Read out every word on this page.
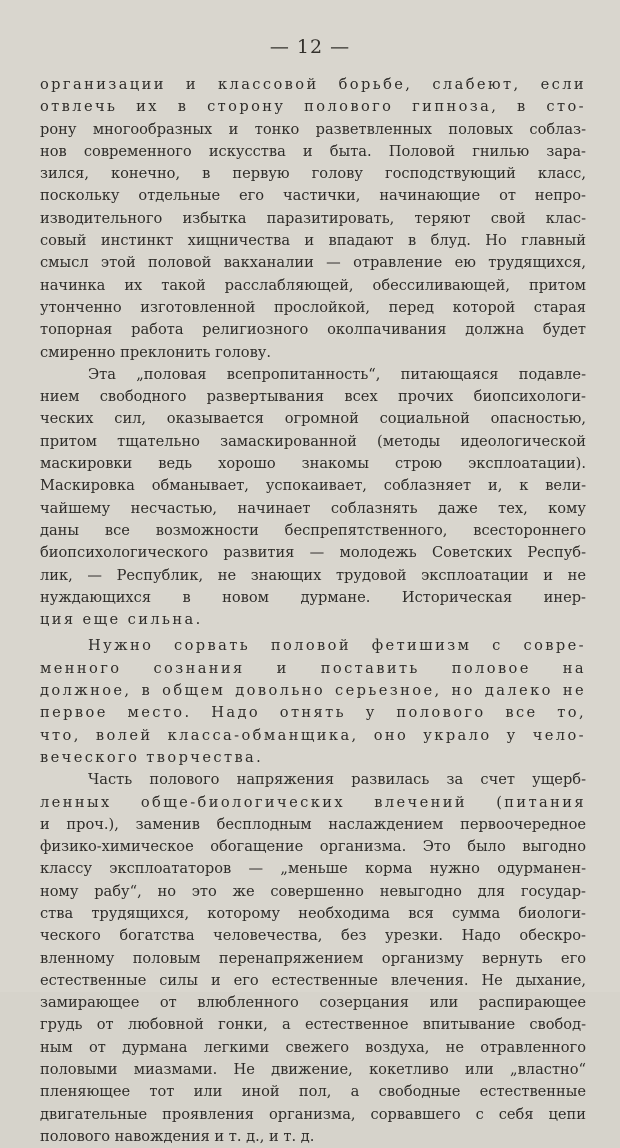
— 12 —
организации и классовой борьбе, слабеют, если
отвлечь их в сторону полового гипноза, в сто-
рону многообразных и тонко разветвленных половых соблаз-
нов современного искусства и быта. Половой гнилью зара-
зился, конечно, в первую голову господствующий класс,
поскольку отдельные его частички, начинающие от непро-
изводительного избытка паразитировать, теряют свой клас-
совый инстинкт хищничества и впадают в блуд. Но главный
смысл этой половой вакханалии — отравление ею трудящихся,
начинка их такой расслабляющей, обессиливающей, притом
утонченно изготовленной прослойкой, перед которой старая
топорная работа религиозного околпачивания должна будет
смиренно преклонить голову.
Эта „половая всепропитанность“, питающаяся подавле-
нием свободного развертывания всех прочих биопсихологи-
ческих сил, оказывается огромной социальной опасностью,
притом тщательно замаскированной (методы идеологической
маскировки ведь хорошо знакомы строю эксплоатации).
Маскировка обманывает, успокаивает, соблазняет и, к вели-
чайшему несчастью, начинает соблазнять даже тех, кому
даны все возможности беспрепятственного, всестороннего
биопсихологического развития — молодежь Советских Респуб-
лик, — Республик, не знающих трудовой эксплоатации и не
нуждающихся в новом дурмане. Историческая инер-
ция еще сильна.
Нужно сорвать половой фетишизм с совре-
менного сознания и поставить половое на
должное, в общем довольно серьезное, но далеко не
первое место. Надо отнять у полового все то,
что, волей класса-обманщика, оно украло у чело-
веческого творчества.
Часть полового напряжения развилась за счет ущерб-
ленных обще-биологических влечений (питания
и проч.), заменив бесплодным наслаждением первоочередное
физико-химическое обогащение организма. Это было выгодно
классу эксплоататоров — „меньше корма нужно одурманен-
ному рабу“, но это же совершенно невыгодно для государ-
ства трудящихся, которому необходима вся сумма биологи-
ческого богатства человечества, без урезки. Надо обескро-
вленному половым перенапряжением организму вернуть его
естественные силы и его естественные влечения. Не дыхание,
замирающее от влюбленного созерцания или распирающее
грудь от любовной гонки, а естественное впитывание свобод-
ным от дурмана легкими свежего воздуха, не отравленного
половыми миазмами. Не движение, кокетливо или „властно“
пленяющее тот или иной пол, а свободные естественные
двигательные проявления организма, сорвавшего с себя цепи
полового навождения и т. д., и т. д.
